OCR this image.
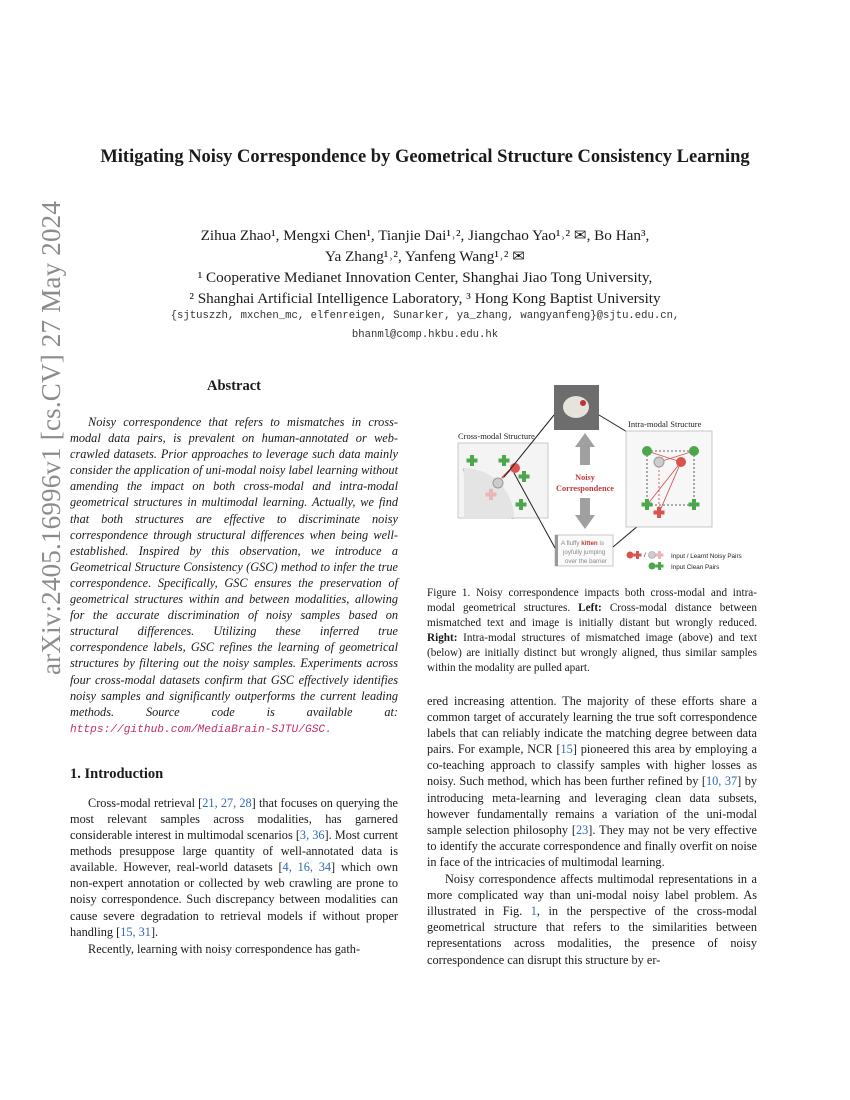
arXiv:2405.16996v1 [cs.CV] 27 May 2024
Mitigating Noisy Correspondence by Geometrical Structure Consistency Learning
Zihua Zhao¹, Mengxi Chen¹, Tianjie Dai¹˒², Jiangchao Yao¹˒² ✉, Bo Han³,
Ya Zhang¹˒², Yanfeng Wang¹˒² ✉
¹ Cooperative Medianet Innovation Center, Shanghai Jiao Tong University,
² Shanghai Artificial Intelligence Laboratory, ³ Hong Kong Baptist University
{sjtuszzh, mxchen_mc, elfenreigen, Sunarker, ya_zhang, wangyanfeng}@sjtu.edu.cn,
bhanml@comp.hkbu.edu.hk
Abstract

Noisy correspondence that refers to mismatches in cross-modal data pairs, is prevalent on human-annotated or web-crawled datasets. Prior approaches to leverage such data mainly consider the application of uni-modal noisy label learning without amending the impact on both cross-modal and intra-modal geometrical structures in multimodal learning. Actually, we find that both structures are effective to discriminate noisy correspondence through structural differences when being well-established. Inspired by this observation, we introduce a Geometrical Structure Consistency (GSC) method to infer the true correspondence. Specifically, GSC ensures the preservation of geometrical structures within and between modalities, allowing for the accurate discrimination of noisy samples based on structural differences. Utilizing these inferred true correspondence labels, GSC refines the learning of geometrical structures by filtering out the noisy samples. Experiments across four cross-modal datasets confirm that GSC effectively identifies noisy samples and significantly outperforms the current leading methods. Source code is available at: https://github.com/MediaBrain-SJTU/GSC.

1. Introduction

Cross-modal retrieval [21, 27, 28] that focuses on querying the most relevant samples across modalities, has garnered considerable interest in multimodal scenarios [3, 36]. Most current methods presuppose large quantity of well-annotated data is available. However, real-world datasets [4, 16, 34] which own non-expert annotation or collected by web crawling are prone to noisy correspondence. Such discrepancy between modalities can cause severe degradation to retrieval models if without proper handling [15, 31].

Recently, learning with noisy correspondence has gath-

Cross-modal Structure
Noisy
Correspondence
A fluffy kitten is
joyfully jumping
over the barrier
Intra-modal Structure
/	Input / Learnt Noisy Pairs
Input Clean Pairs
Figure 1. Noisy correspondence impacts both cross-modal and intra-modal geometrical structures. Left: Cross-modal distance between mismatched text and image is initially distant but wrongly reduced. Right: Intra-modal structures of mismatched image (above) and text (below) are initially distinct but wrongly aligned, thus similar samples within the modality are pulled apart.

ered increasing attention. The majority of these efforts share a common target of accurately learning the true soft correspondence labels that can reliably indicate the matching degree between data pairs. For example, NCR [15] pioneered this area by employing a co-teaching approach to classify samples with higher losses as noisy. Such method, which has been further refined by [10, 37] by introducing meta-learning and leveraging clean data subsets, however fundamentally remains a variation of the uni-modal sample selection philosophy [23]. They may not be very effective to identify the accurate correspondence and finally overfit on noise in face of the intricacies of multimodal learning.

Noisy correspondence affects multimodal representations in a more complicated way than uni-modal noisy label problem. As illustrated in Fig. 1, in the perspective of the cross-modal geometrical structure that refers to the similarities between representations across modalities, the presence of noisy correspondence can disrupt this structure by er-
